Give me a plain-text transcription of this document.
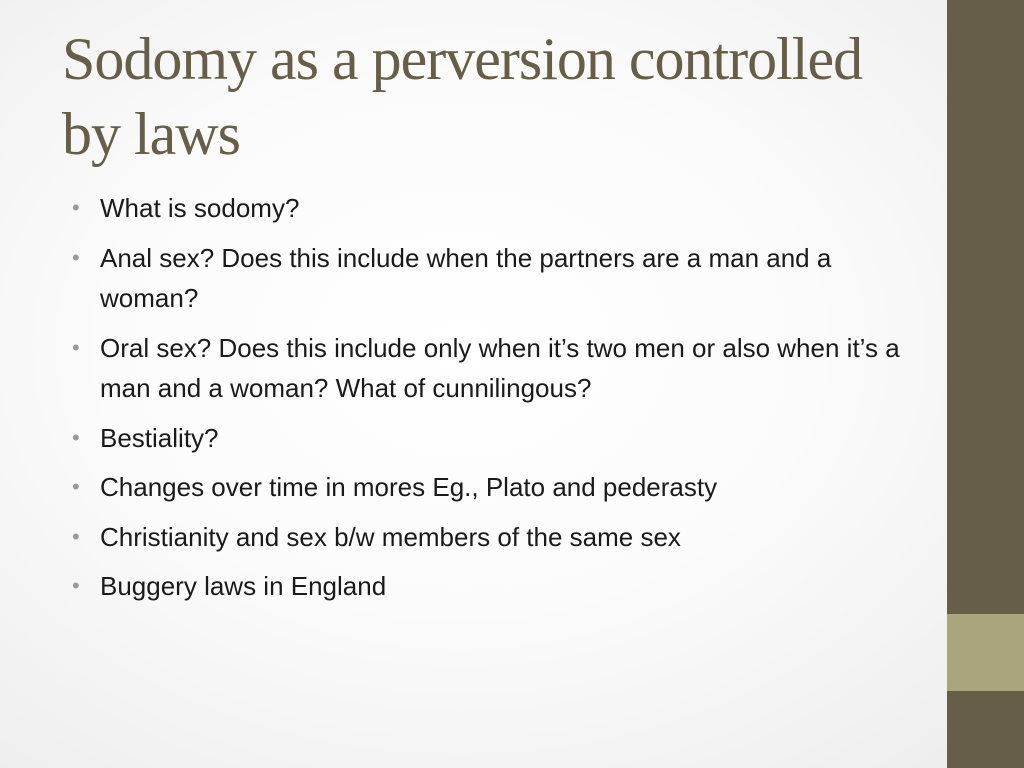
Sodomy as a perversion controlled by laws
• What is sodomy?
• Anal sex? Does this include when the partners are a man and a woman?
• Oral sex? Does this include only when it’s two men or also when it’s a man and a woman? What of cunnilingous?
• Bestiality?
• Changes over time in mores Eg., Plato and pederasty
• Christianity and sex b/w members of the same sex
• Buggery laws in England
